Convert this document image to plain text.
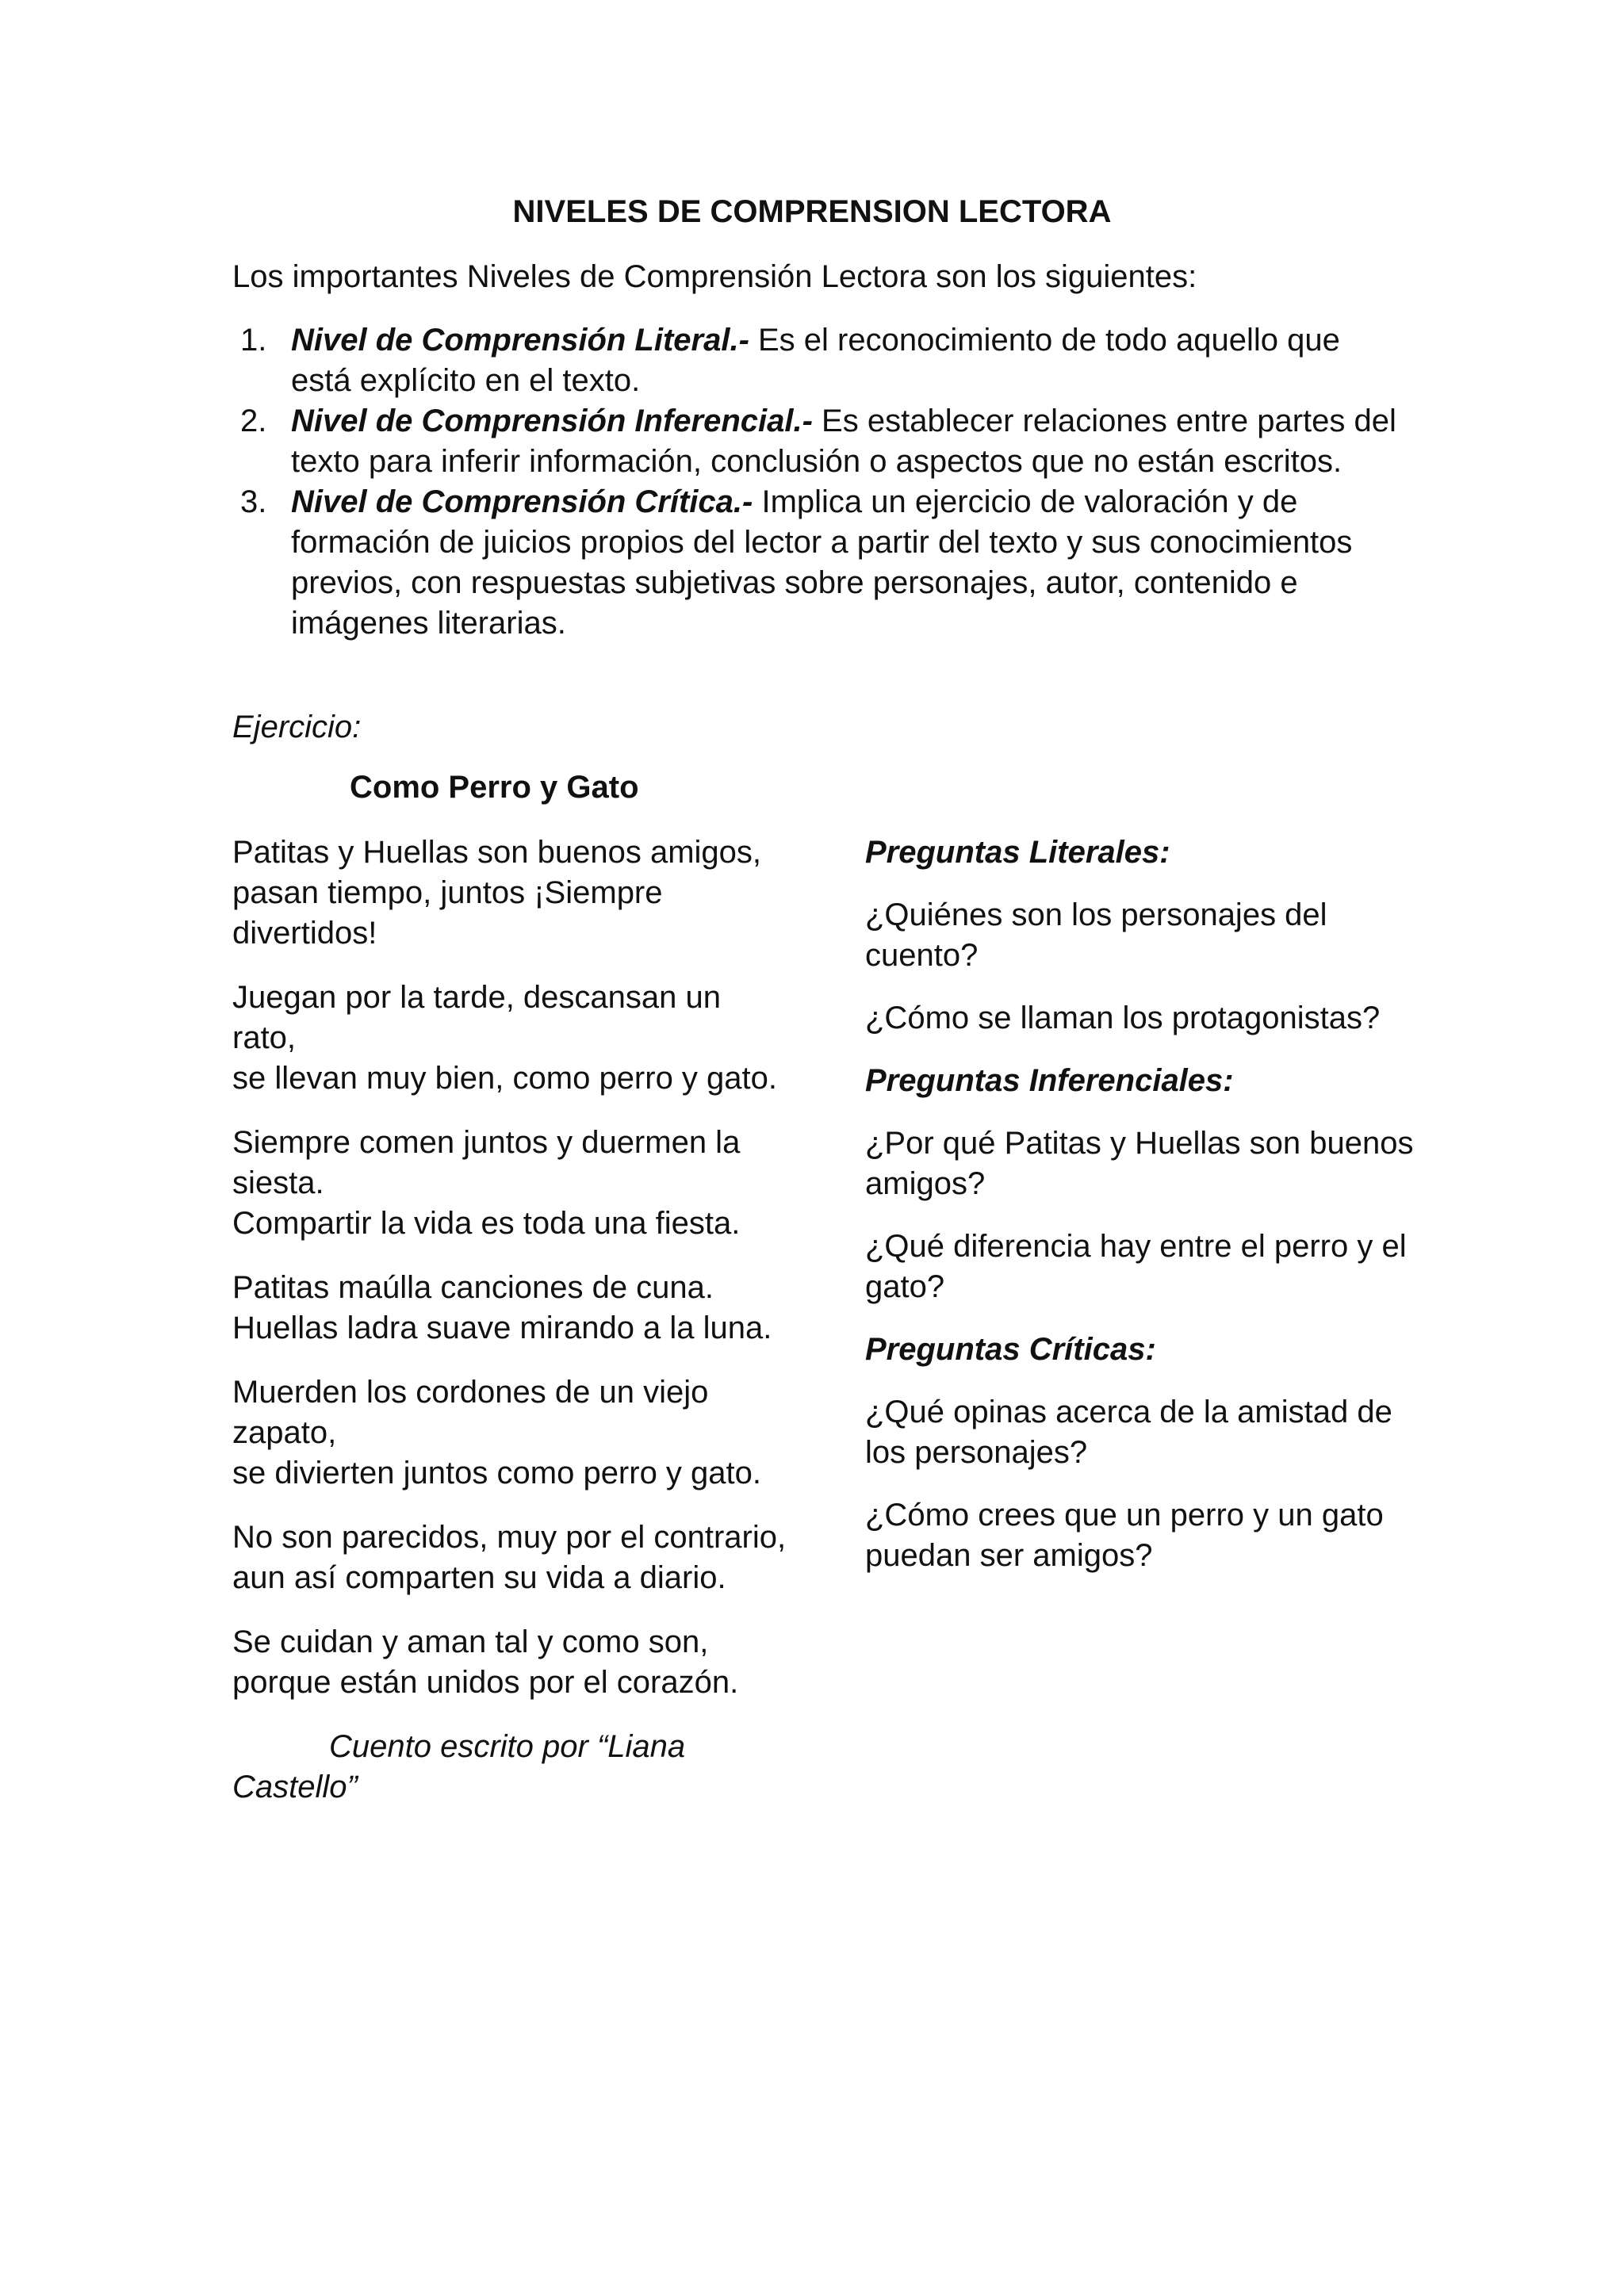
NIVELES DE COMPRENSION LECTORA

Los importantes Niveles de Comprensión Lectora son los siguientes:

1. Nivel de Comprensión Literal.- Es el reconocimiento de todo aquello que está explícito en el texto.
2. Nivel de Comprensión Inferencial.- Es establecer relaciones entre partes del texto para inferir información, conclusión o aspectos que no están escritos.
3. Nivel de Comprensión Crítica.- Implica un ejercicio de valoración y de formación de juicios propios del lector a partir del texto y sus conocimientos previos, con respuestas subjetivas sobre personajes, autor, contenido e imágenes literarias.

Ejercicio:

Como Perro y Gato

Patitas y Huellas son buenos amigos,
pasan tiempo, juntos ¡Siempre divertidos!

Juegan por la tarde, descansan un rato,
se llevan muy bien, como perro y gato.

Siempre comen juntos y duermen la siesta.
Compartir la vida es toda una fiesta.

Patitas maúlla canciones de cuna.
Huellas ladra suave mirando a la luna.

Muerden los cordones de un viejo zapato,
se divierten juntos como perro y gato.

No son parecidos, muy por el contrario,
aun así comparten su vida a diario.

Se cuidan y aman tal y como son,
porque están unidos por el corazón.

Cuento escrito por “Liana Castello”

Preguntas Literales:

¿Quiénes son los personajes del cuento?

¿Cómo se llaman los protagonistas?

Preguntas Inferenciales:

¿Por qué Patitas y Huellas son buenos amigos?

¿Qué diferencia hay entre el perro y el gato?

Preguntas Críticas:

¿Qué opinas acerca de la amistad de los personajes?

¿Cómo crees que un perro y un gato puedan ser amigos?
